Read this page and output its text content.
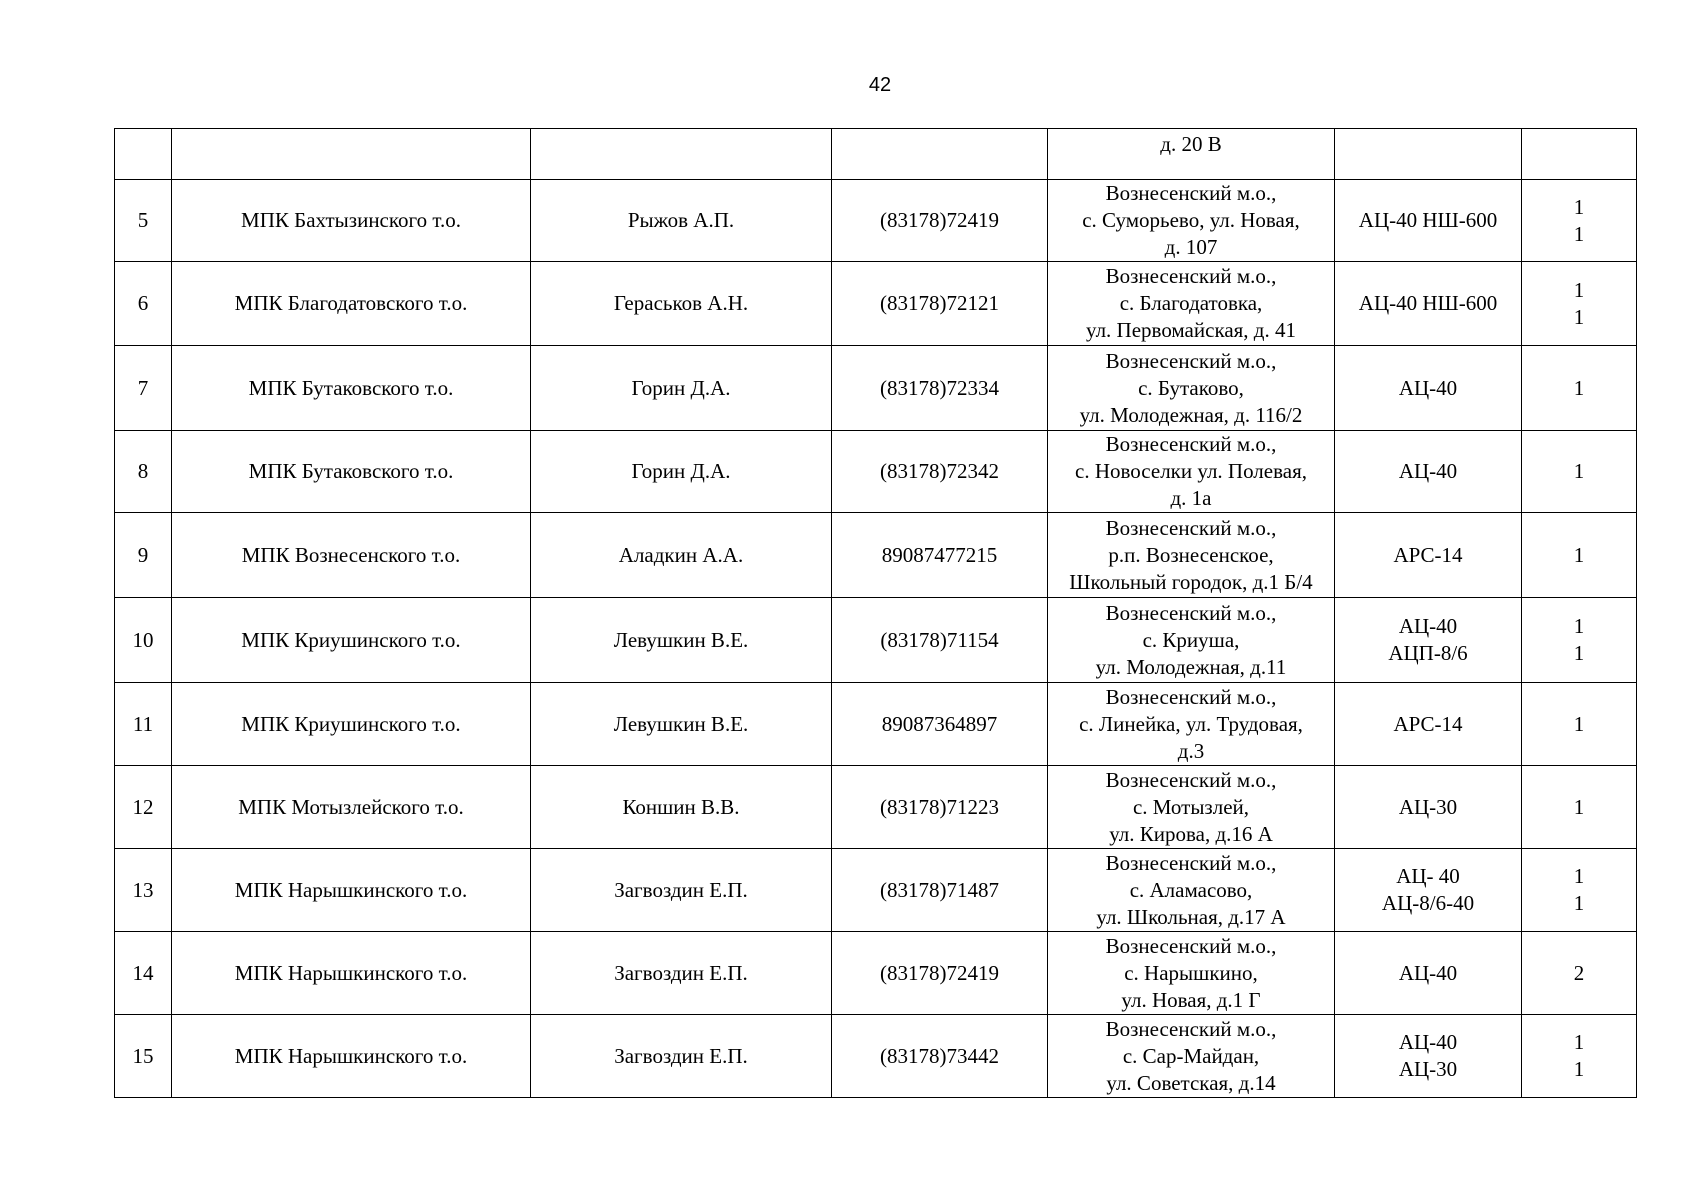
42
				д. 20 В		
5	МПК Бахтызинского т.о.	Рыжов А.П.	(83178)72419	Вознесенский м.о.,
с. Суморьево, ул. Новая,
д. 107	АЦ-40 НШ-600	1
1
6	МПК Благодатовского т.о.	Гераськов А.Н.	(83178)72121	Вознесенский м.о.,
с. Благодатовка,
ул. Первомайская, д. 41	АЦ-40 НШ-600	1
1
7	МПК Бутаковского т.о.	Горин Д.А.	(83178)72334	Вознесенский м.о.,
с. Бутаково,
ул. Молодежная, д. 116/2	АЦ-40	1
8	МПК Бутаковского т.о.	Горин Д.А.	(83178)72342	Вознесенский м.о.,
с. Новоселки ул. Полевая,
д. 1а	АЦ-40	1
9	МПК Вознесенского т.о.	Аладкин А.А.	89087477215	Вознесенский м.о.,
р.п. Вознесенское,
Школьный городок, д.1 Б/4	АРС-14	1
10	МПК Криушинского т.о.	Левушкин В.Е.	(83178)71154	Вознесенский м.о.,
с. Криуша,
ул. Молодежная, д.11	АЦ-40
АЦП-8/6	1
1
11	МПК Криушинского т.о.	Левушкин В.Е.	89087364897	Вознесенский м.о.,
с. Линейка, ул. Трудовая,
д.3	АРС-14	1
12	МПК Мотызлейского т.о.	Коншин В.В.	(83178)71223	Вознесенский м.о.,
с. Мотызлей,
ул. Кирова, д.16 А	АЦ-30	1
13	МПК Нарышкинского т.о.	Загвоздин Е.П.	(83178)71487	Вознесенский м.о.,
с. Аламасово,
ул. Школьная, д.17 А	АЦ- 40
АЦ-8/6-40	1
1
14	МПК Нарышкинского т.о.	Загвоздин Е.П.	(83178)72419	Вознесенский м.о.,
с. Нарышкино,
ул. Новая, д.1 Г	АЦ-40	2
15	МПК Нарышкинского т.о.	Загвоздин Е.П.	(83178)73442	Вознесенский м.о.,
с. Сар-Майдан,
ул. Советская, д.14	АЦ-40
АЦ-30	1
1
